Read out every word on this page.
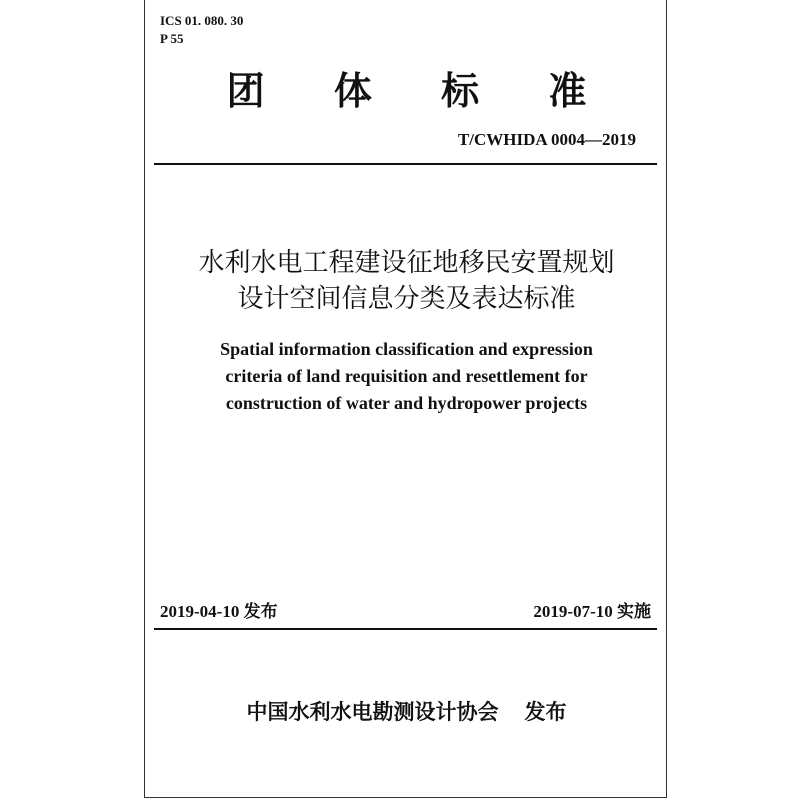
ICS 01. 080. 30
P 55
团 体 标 准
T/CWHIDA 0004—2019
水利水电工程建设征地移民安置规划
设计空间信息分类及表达标准
Spatial information classification and expression
criteria of land requisition and resettlement for
construction of water and hydropower projects
2019-04-10 发布	2019-07-10 实施
中国水利水电勘测设计协会 发布
